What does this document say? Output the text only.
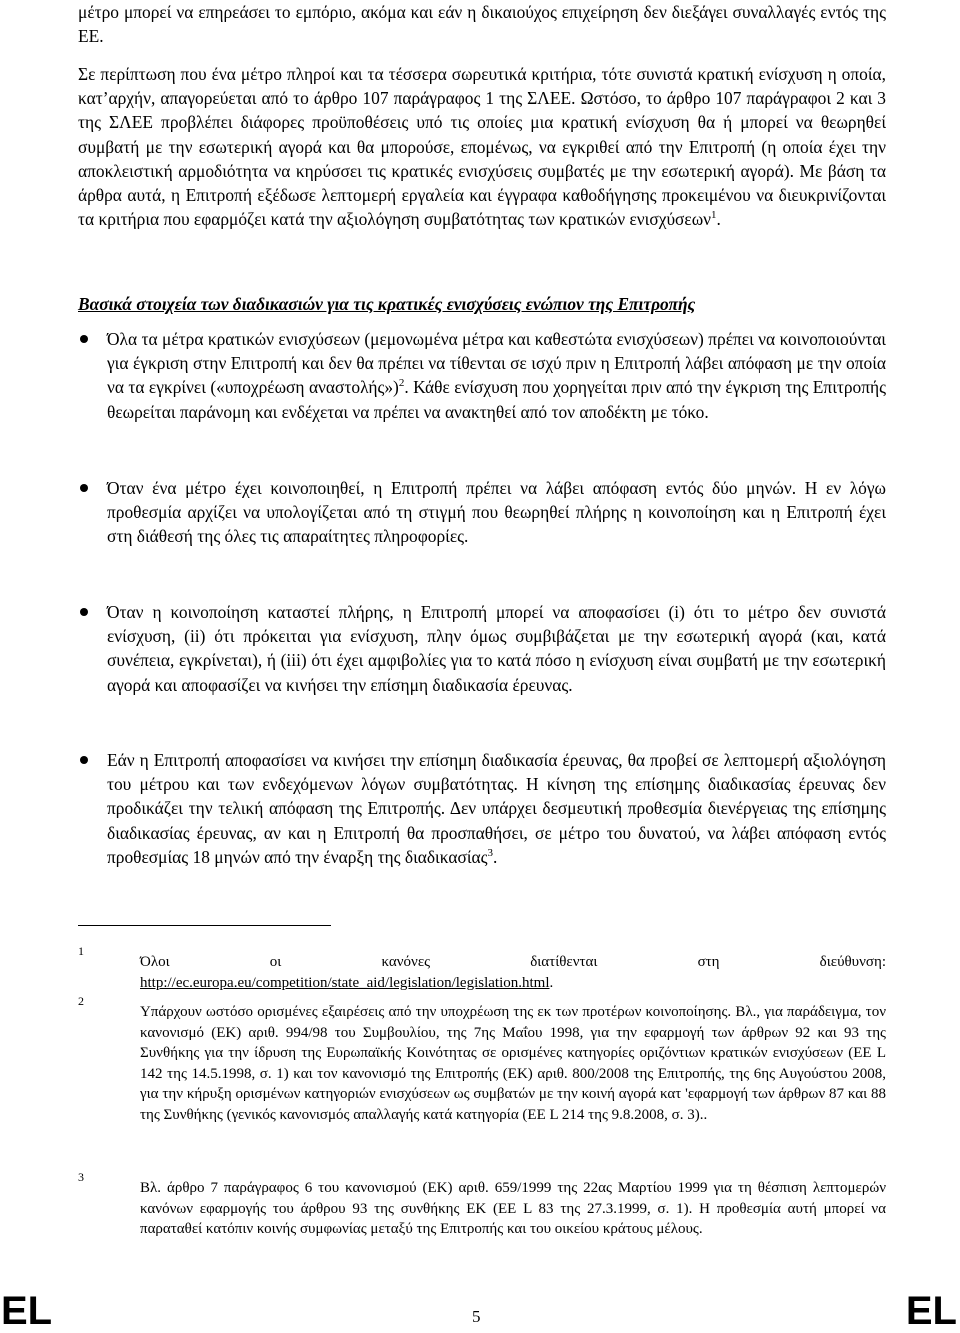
μέτρο μπορεί να επηρεάσει το εμπόριο, ακόμα και εάν η δικαιούχος επιχείρηση δεν διεξάγει συναλλαγές εντός της ΕΕ.

Σε περίπτωση που ένα μέτρο πληροί και τα τέσσερα σωρευτικά κριτήρια, τότε συνιστά κρατική ενίσχυση η οποία, κατ’αρχήν, απαγορεύεται από το άρθρο 107 παράγραφος 1 της ΣΛΕΕ. Ωστόσο, το άρθρο 107 παράγραφοι 2 και 3 της ΣΛΕΕ προβλέπει διάφορες προϋποθέσεις υπό τις οποίες μια κρατική ενίσχυση θα ή μπορεί να θεωρηθεί συμβατή με την εσωτερική αγορά και θα μπορούσε, επομένως, να εγκριθεί από την Επιτροπή (η οποία έχει την αποκλειστική αρμοδιότητα να κηρύσσει τις κρατικές ενισχύσεις συμβατές με την εσωτερική αγορά). Με βάση τα άρθρα αυτά, η Επιτροπή εξέδωσε λεπτομερή εργαλεία και έγγραφα καθοδήγησης προκειμένου να διευκρινίζονται τα κριτήρια που εφαρμόζει κατά την αξιολόγηση συμβατότητας των κρατικών ενισχύσεων$^1$.

Βασικά στοιχεία των διαδικασιών για τις κρατικές ενισχύσεις ενώπιον της Επιτροπής

Όλα τα μέτρα κρατικών ενισχύσεων (μεμονωμένα μέτρα και καθεστώτα ενισχύσεων) πρέπει να κοινοποιούνται για έγκριση στην Επιτροπή και δεν θα πρέπει να τίθενται σε ισχύ πριν η Επιτροπή λάβει απόφαση με την οποία να τα εγκρίνει («υποχρέωση αναστολής»)$^2$. Κάθε ενίσχυση που χορηγείται πριν από την έγκριση της Επιτροπής θεωρείται παράνομη και ενδέχεται να πρέπει να ανακτηθεί από τον αποδέκτη με τόκο.

Όταν ένα μέτρο έχει κοινοποιηθεί, η Επιτροπή πρέπει να λάβει απόφαση εντός δύο μηνών. Η εν λόγω προθεσμία αρχίζει να υπολογίζεται από τη στιγμή που θεωρηθεί πλήρης η κοινοποίηση και η Επιτροπή έχει στη διάθεσή της όλες τις απαραίτητες πληροφορίες.

Όταν η κοινοποίηση καταστεί πλήρης, η Επιτροπή μπορεί να αποφασίσει (i) ότι το μέτρο δεν συνιστά ενίσχυση, (ii) ότι πρόκειται για ενίσχυση, πλην όμως συμβιβάζεται με την εσωτερική αγορά (και, κατά συνέπεια, εγκρίνεται), ή (iii) ότι έχει αμφιβολίες για το κατά πόσο η ενίσχυση είναι συμβατή με την εσωτερική αγορά και αποφασίζει να κινήσει την επίσημη διαδικασία έρευνας.

Εάν η Επιτροπή αποφασίσει να κινήσει την επίσημη διαδικασία έρευνας, θα προβεί σε λεπτομερή αξιολόγηση του μέτρου και των ενδεχόμενων λόγων συμβατότητας. Η κίνηση της επίσημης διαδικασίας έρευνας δεν προδικάζει την τελική απόφαση της Επιτροπής. Δεν υπάρχει δεσμευτική προθεσμία διενέργειας της επίσημης διαδικασίας έρευνας, αν και η Επιτροπή θα προσπαθήσει, σε μέτρο του δυνατού, να λάβει απόφαση εντός προθεσμίας 18 μηνών από την έναρξη της διαδικασίας$^3$.

1

Όλοι οι κανόνες διατίθενται στη διεύθυνση:
http://ec.europa.eu/competition/state_aid/legislation/legislation.html.

2

Υπάρχουν ωστόσο ορισμένες εξαιρέσεις από την υποχρέωση της εκ των προτέρων κοινοποίησης. Βλ., για παράδειγμα, τον κανονισμό (ΕΚ) αριθ. 994/98 του Συμβουλίου, της 7ης Μαΐου 1998, για την εφαρμογή των άρθρων 92 και 93 της Συνθήκης για την ίδρυση της Ευρωπαϊκής Κοινότητας σε ορισμένες κατηγορίες οριζόντιων κρατικών ενισχύσεων (ΕΕ L 142 της 14.5.1998, σ. 1) και τον κανονισμό της Επιτροπής (ΕΚ) αριθ. 800/2008 της Επιτροπής, της 6ης Αυγούστου 2008, για την κήρυξη ορισμένων κατηγοριών ενισχύσεων ως συμβατών με την κοινή αγορά κατ 'εφαρμογή των άρθρων 87 και 88 της Συνθήκης (γενικός κανονισμός απαλλαγής κατά κατηγορία (ΕΕ L 214 της 9.8.2008, σ. 3)..

3

Βλ. άρθρο 7 παράγραφος 6 του κανονισμού (ΕΚ) αριθ. 659/1999 της 22ας Μαρτίου 1999 για τη θέσπιση λεπτομερών κανόνων εφαρμογής του άρθρου 93 της συνθήκης ΕΚ (ΕΕ L 83 της 27.3.1999, σ. 1). Η προθεσμία αυτή μπορεί να παραταθεί κατόπιν κοινής συμφωνίας μεταξύ της Επιτροπής και του οικείου κράτους μέλους.

EL	5	EL
